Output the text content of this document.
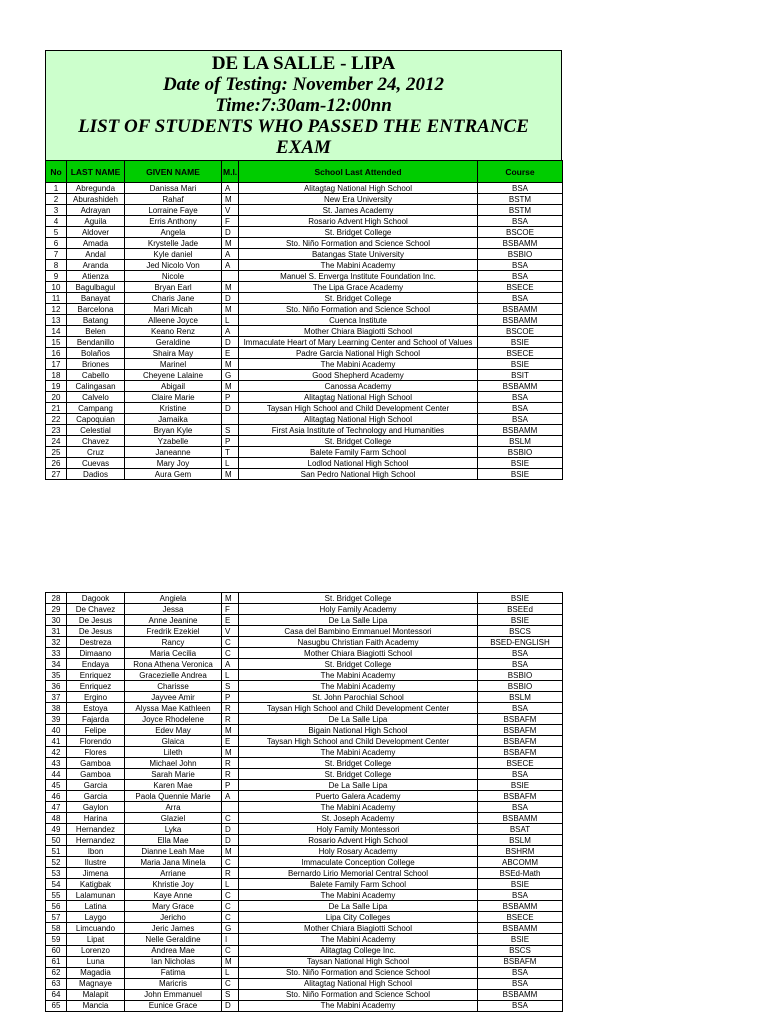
DE LA SALLE - LIPA
Date of Testing: November 24, 2012
Time:7:30am-12:00nn
LIST OF STUDENTS WHO PASSED THE ENTRANCE
EXAM
No	LAST NAME	GIVEN NAME	M.I.	School Last Attended	Course
1	Abregunda	Danissa Mari	A	Alitagtag National High School	BSA
2	Aburashideh	Rahaf	M	New Era University	BSTM
3	Adrayan	Lorraine Faye	V	St. James Academy	BSTM
4	Aguila	Erris Anthony	F	Rosario Advent High School	BSA
5	Aldover	Angela	D	St. Bridget College	BSCOE
6	Amada	Krystelle Jade	M	Sto. Niño Formation and Science School	BSBAMM
7	Andal	Kyle daniel	A	Batangas State University	BSBIO
8	Aranda	Jed Nicolo Von	A	The Mabini Academy	BSA
9	Atienza	Nicole		Manuel S. Enverga Institute Foundation Inc.	BSA
10	Bagulbagul	Bryan Earl	M	The Lipa Grace Academy	BSECE
11	Banayat	Charis Jane	D	St. Bridget College	BSA
12	Barcelona	Mari Micah	M	Sto. Niño Formation and Science School	BSBAMM
13	Batang	Alleene Joyce	L	Cuenca Institute	BSBAMM
14	Belen	Keano Renz	A	Mother Chiara Biagiotti School	BSCOE
15	Bendanillo	Geraldine	D	Immaculate Heart of Mary Learning Center and School of Values	BSIE
16	Bolaños	Shaira May	E	Padre Garcia National High School	BSECE
17	Briones	Marinel	M	The Mabini Academy	BSIE
18	Cabello	Cheyene Lalaine	G	Good Shepherd Academy	BSIT
19	Calingasan	Abigail	M	Canossa Academy	BSBAMM
20	Calvelo	Claire Marie	P	Alitagtag National High School	BSA
21	Campang	Kristine	D	Taysan High School and Child Development Center	BSA
22	Capoquian	Jamaika		Alitagtag National High School	BSA
23	Celestial	Bryan Kyle	S	First Asia Institute of Technology and Humanities	BSBAMM
24	Chavez	Yzabelle	P	St. Bridget College	BSLM
25	Cruz	Janeanne	T	Balete Family Farm School	BSBIO
26	Cuevas	Mary Joy	L	Lodlod National High School	BSIE
27	Dadios	Aura Gem	M	San Pedro National High School	BSIE
28	Dagook	Angiela	M	St. Bridget College	BSIE
29	De Chavez	Jessa	F	Holy Family Academy	BSEEd
30	De Jesus	Anne Jeanine	E	De La Salle Lipa	BSIE
31	De Jesus	Fredrik Ezekiel	V	Casa del Bambino Emmanuel Montessori	BSCS
32	Destreza	Rancy	C	Nasugbu Christian Faith Academy	BSED-ENGLISH
33	Dimaano	Maria Cecilia	C	Mother Chiara Biagiotti School	BSA
34	Endaya	Rona Athena Veronica	A	St. Bridget College	BSA
35	Enriquez	Gracezielle Andrea	L	The Mabini Academy	BSBIO
36	Enriquez	Charisse	S	The Mabini Academy	BSBIO
37	Ergino	Jayvee Amir	P	St. John Parochial School	BSLM
38	Estoya	Alyssa Mae Kathleen	R	Taysan High School and Child Development Center	BSA
39	Fajarda	Joyce Rhodelene	R	De La Salle Lipa	BSBAFM
40	Felipe	Edev May	M	Bigain National High School	BSBAFM
41	Florendo	Glaica	E	Taysan High School and Child Development Center	BSBAFM
42	Flores	Lileth	M	The Mabini Academy	BSBAFM
43	Gamboa	Michael John	R	St. Bridget College	BSECE
44	Gamboa	Sarah Marie	R	St. Bridget College	BSA
45	Garcia	Karen Mae	P	De La Salle Lipa	BSIE
46	Garcia	Paola Quennie Marie	A	Puerto Galera Academy	BSBAFM
47	Gaylon	Arra		The Mabini Academy	BSA
48	Harina	Glaziel	C	St. Joseph Academy	BSBAMM
49	Hernandez	Lyka	D	Holy Family Montessori	BSAT
50	Hernandez	Ella Mae	D	Rosario Advent High School	BSLM
51	Ibon	Dianne Leah Mae	M	Holy Rosary Academy	BSHRM
52	Ilustre	Maria Jana Minela	C	Immaculate Conception College	ABCOMM
53	Jimena	Arriane	R	Bernardo Lirio Memorial Central School	BSEd-Math
54	Katigbak	Khristie Joy	L	Balete Family Farm School	BSIE
55	Lalamunan	Kaye Anne	C	The Mabini Academy	BSA
56	Latina	Mary Grace	C	De La Salle Lipa	BSBAMM
57	Laygo	Jericho	C	Lipa City Colleges	BSECE
58	Limcuando	Jeric James	G	Mother Chiara Biagiotti School	BSBAMM
59	Lipat	Nelle Geraldine	I	The Mabini Academy	BSIE
60	Lorenzo	Andrea Mae	C	Alitagtag College Inc.	BSCS
61	Luna	Ian Nicholas	M	Taysan National High School	BSBAFM
62	Magadia	Fatima	L	Sto. Niño Formation and Science School	BSA
63	Magnaye	Maricris	C	Alitagtag National High School	BSA
64	Malapit	John Emmanuel	S	Sto. Niño Formation and Science School	BSBAMM
65	Mancia	Eunice Grace	D	The Mabini Academy	BSA
